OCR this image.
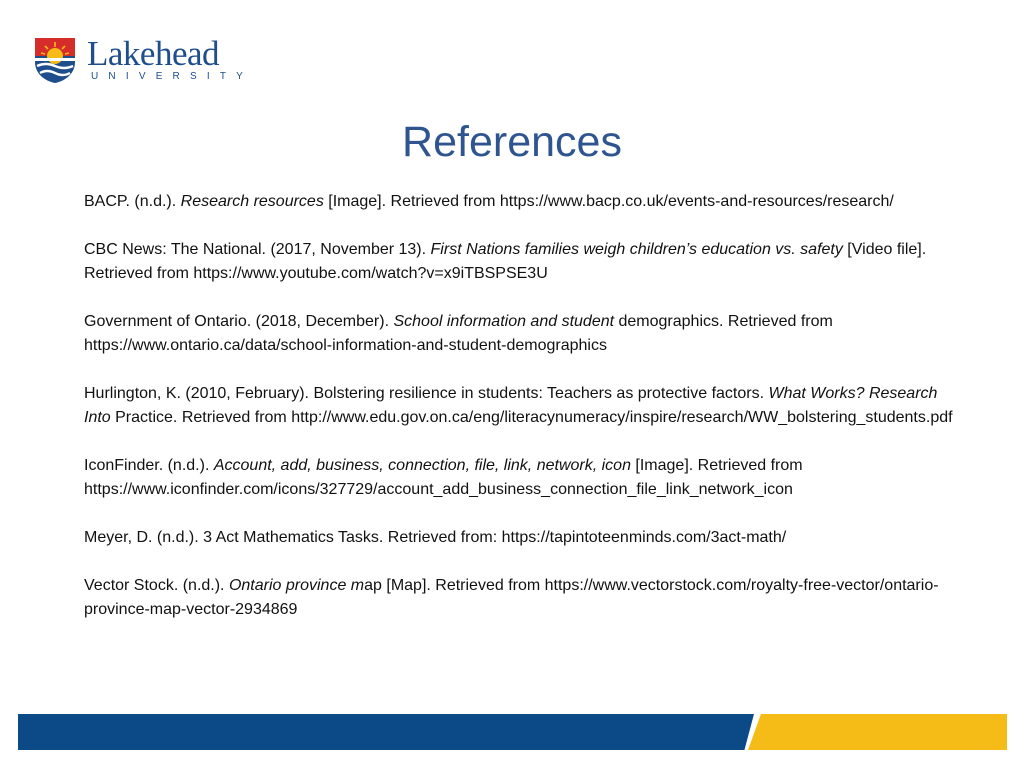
Lakehead
UNIVERSITY
References
BACP. (n.d.). Research resources [Image]. Retrieved from https://www.bacp.co.uk/events-and-resources/research/
CBC News: The National. (2017, November 13). First Nations families weigh children’s education vs. safety [Video file]. Retrieved from https://www.youtube.com/watch?v=x9iTBSPSE3U
Government of Ontario. (2018, December). School information and student demographics. Retrieved from https://www.ontario.ca/data/school-information-and-student-demographics
Hurlington, K. (2010, February). Bolstering resilience in students: Teachers as protective factors. What Works? Research Into Practice. Retrieved from http://www.edu.gov.on.ca/eng/literacynumeracy/inspire/research/WW_bolstering_students.pdf
IconFinder. (n.d.). Account, add, business, connection, file, link, network, icon [Image]. Retrieved from https://www.iconfinder.com/icons/327729/account_add_business_connection_file_link_network_icon
Meyer, D. (n.d.). 3 Act Mathematics Tasks. Retrieved from: https://tapintoteenminds.com/3act-math/
Vector Stock. (n.d.). Ontario province map [Map]. Retrieved from https://www.vectorstock.com/royalty-free-vector/ontario-province-map-vector-2934869
